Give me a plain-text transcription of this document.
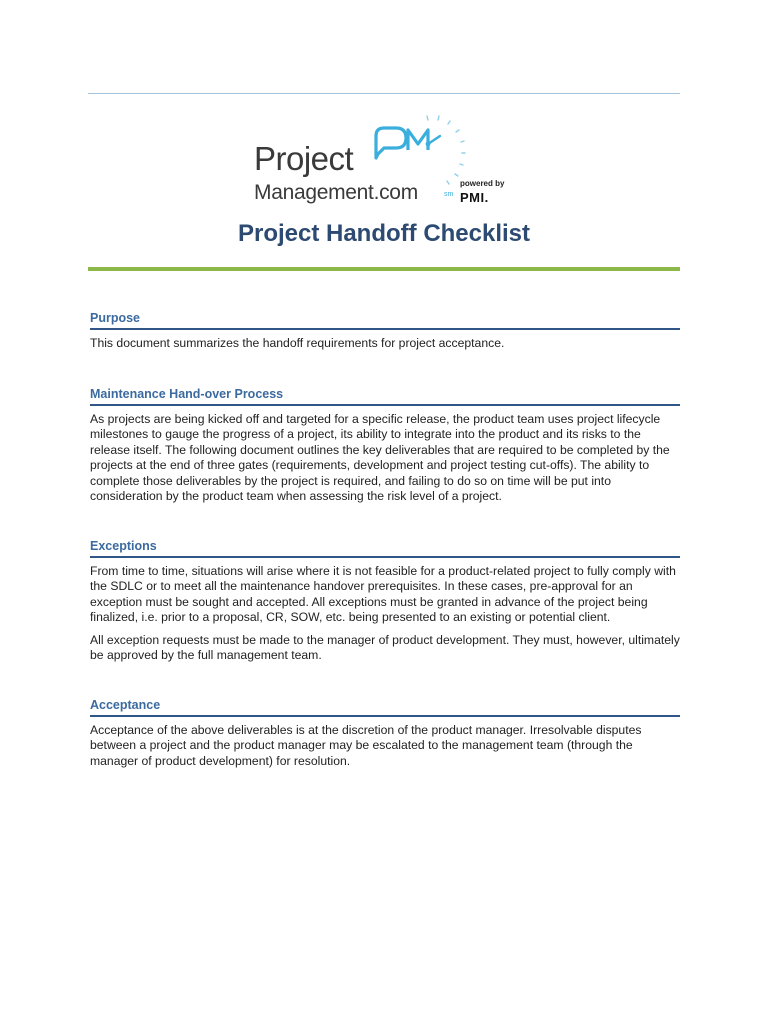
Project
Management.com	sm
powered by
PMI.
Project Handoff Checklist
Purpose

This document summarizes the handoff requirements for project acceptance.

Maintenance Hand-over Process

As projects are being kicked off and targeted for a specific release, the product team uses project lifecycle milestones to gauge the progress of a project, its ability to integrate into the product and its risks to the release itself. The following document outlines the key deliverables that are required to be completed by the projects at the end of three gates (requirements, development and project testing cut-offs). The ability to complete those deliverables by the project is required, and failing to do so on time will be put into consideration by the product team when assessing the risk level of a project.

Exceptions

From time to time, situations will arise where it is not feasible for a product-related project to fully comply with the SDLC or to meet all the maintenance handover prerequisites. In these cases, pre-approval for an exception must be sought and accepted. All exceptions must be granted in advance of the project being finalized, i.e. prior to a proposal, CR, SOW, etc. being presented to an existing or potential client.

All exception requests must be made to the manager of product development. They must, however, ultimately be approved by the full management team.

Acceptance

Acceptance of the above deliverables is at the discretion of the product manager. Irresolvable disputes between a project and the product manager may be escalated to the management team (through the manager of product development) for resolution.
